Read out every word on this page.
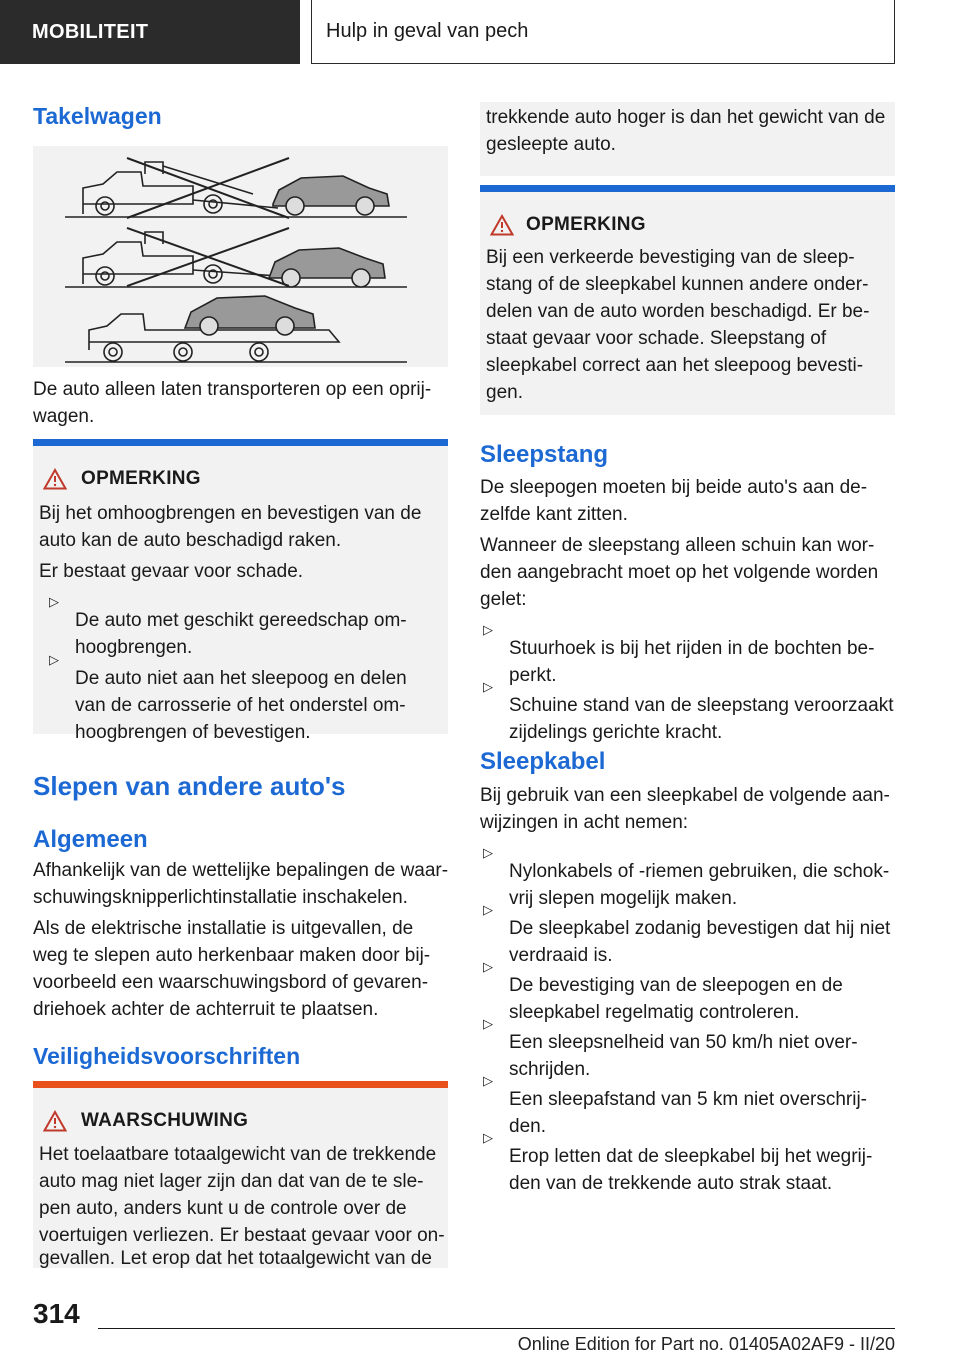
MOBILITEIT	Hulp in geval van pech
Takelwagen

De auto alleen laten transporteren op een oprij-

wagen.

OPMERKING

Bij het omhoogbrengen en bevestigen van de

auto kan de auto beschadigd raken.

Er bestaat gevaar voor schade.

▷

De auto met geschikt gereedschap om-

hoogbrengen.

▷

De auto niet aan het sleepoog en delen

van de carrosserie of het onderstel om-

hoogbrengen of bevestigen.

Slepen van andere auto's
Algemeen

Afhankelijk van de wettelijke bepalingen de waar-

schuwingsknipperlichtinstallatie inschakelen.

Als de elektrische installatie is uitgevallen, de

weg te slepen auto herkenbaar maken door bij-

voorbeeld een waarschuwingsbord of gevaren-

driehoek achter de achterruit te plaatsen.

Veiligheidsvoorschriften
WAARSCHUWING

Het toelaatbare totaalgewicht van de trekkende

auto mag niet lager zijn dan dat van de te sle-

pen auto, anders kunt u de controle over de

voertuigen verliezen. Er bestaat gevaar voor on-

gevallen. Let erop dat het totaalgewicht van de

trekkende auto hoger is dan het gewicht van de

gesleepte auto.

OPMERKING

Bij een verkeerde bevestiging van de sleep-

stang of de sleepkabel kunnen andere onder-

delen van de auto worden beschadigd. Er be-

staat gevaar voor schade. Sleepstang of

sleepkabel correct aan het sleepoog bevesti-

gen.

Sleepstang

De sleepogen moeten bij beide auto's aan de-

zelfde kant zitten.

Wanneer de sleepstang alleen schuin kan wor-

den aangebracht moet op het volgende worden

gelet:

▷

Stuurhoek is bij het rijden in de bochten be-

perkt.

▷

Schuine stand van de sleepstang veroorzaakt

zijdelings gerichte kracht.

Sleepkabel

Bij gebruik van een sleepkabel de volgende aan-

wijzingen in acht nemen:

▷

Nylonkabels of -riemen gebruiken, die schok-

vrij slepen mogelijk maken.

▷

De sleepkabel zodanig bevestigen dat hij niet

verdraaid is.

▷

De bevestiging van de sleepogen en de

sleepkabel regelmatig controleren.

▷

Een sleepsnelheid van 50 km/h niet over-

schrijden.

▷

Een sleepafstand van 5 km niet overschrij-

den.

▷

Erop letten dat de sleepkabel bij het wegrij-

den van de trekkende auto strak staat.

314
Online Edition for Part no. 01405A02AF9 - II/20
